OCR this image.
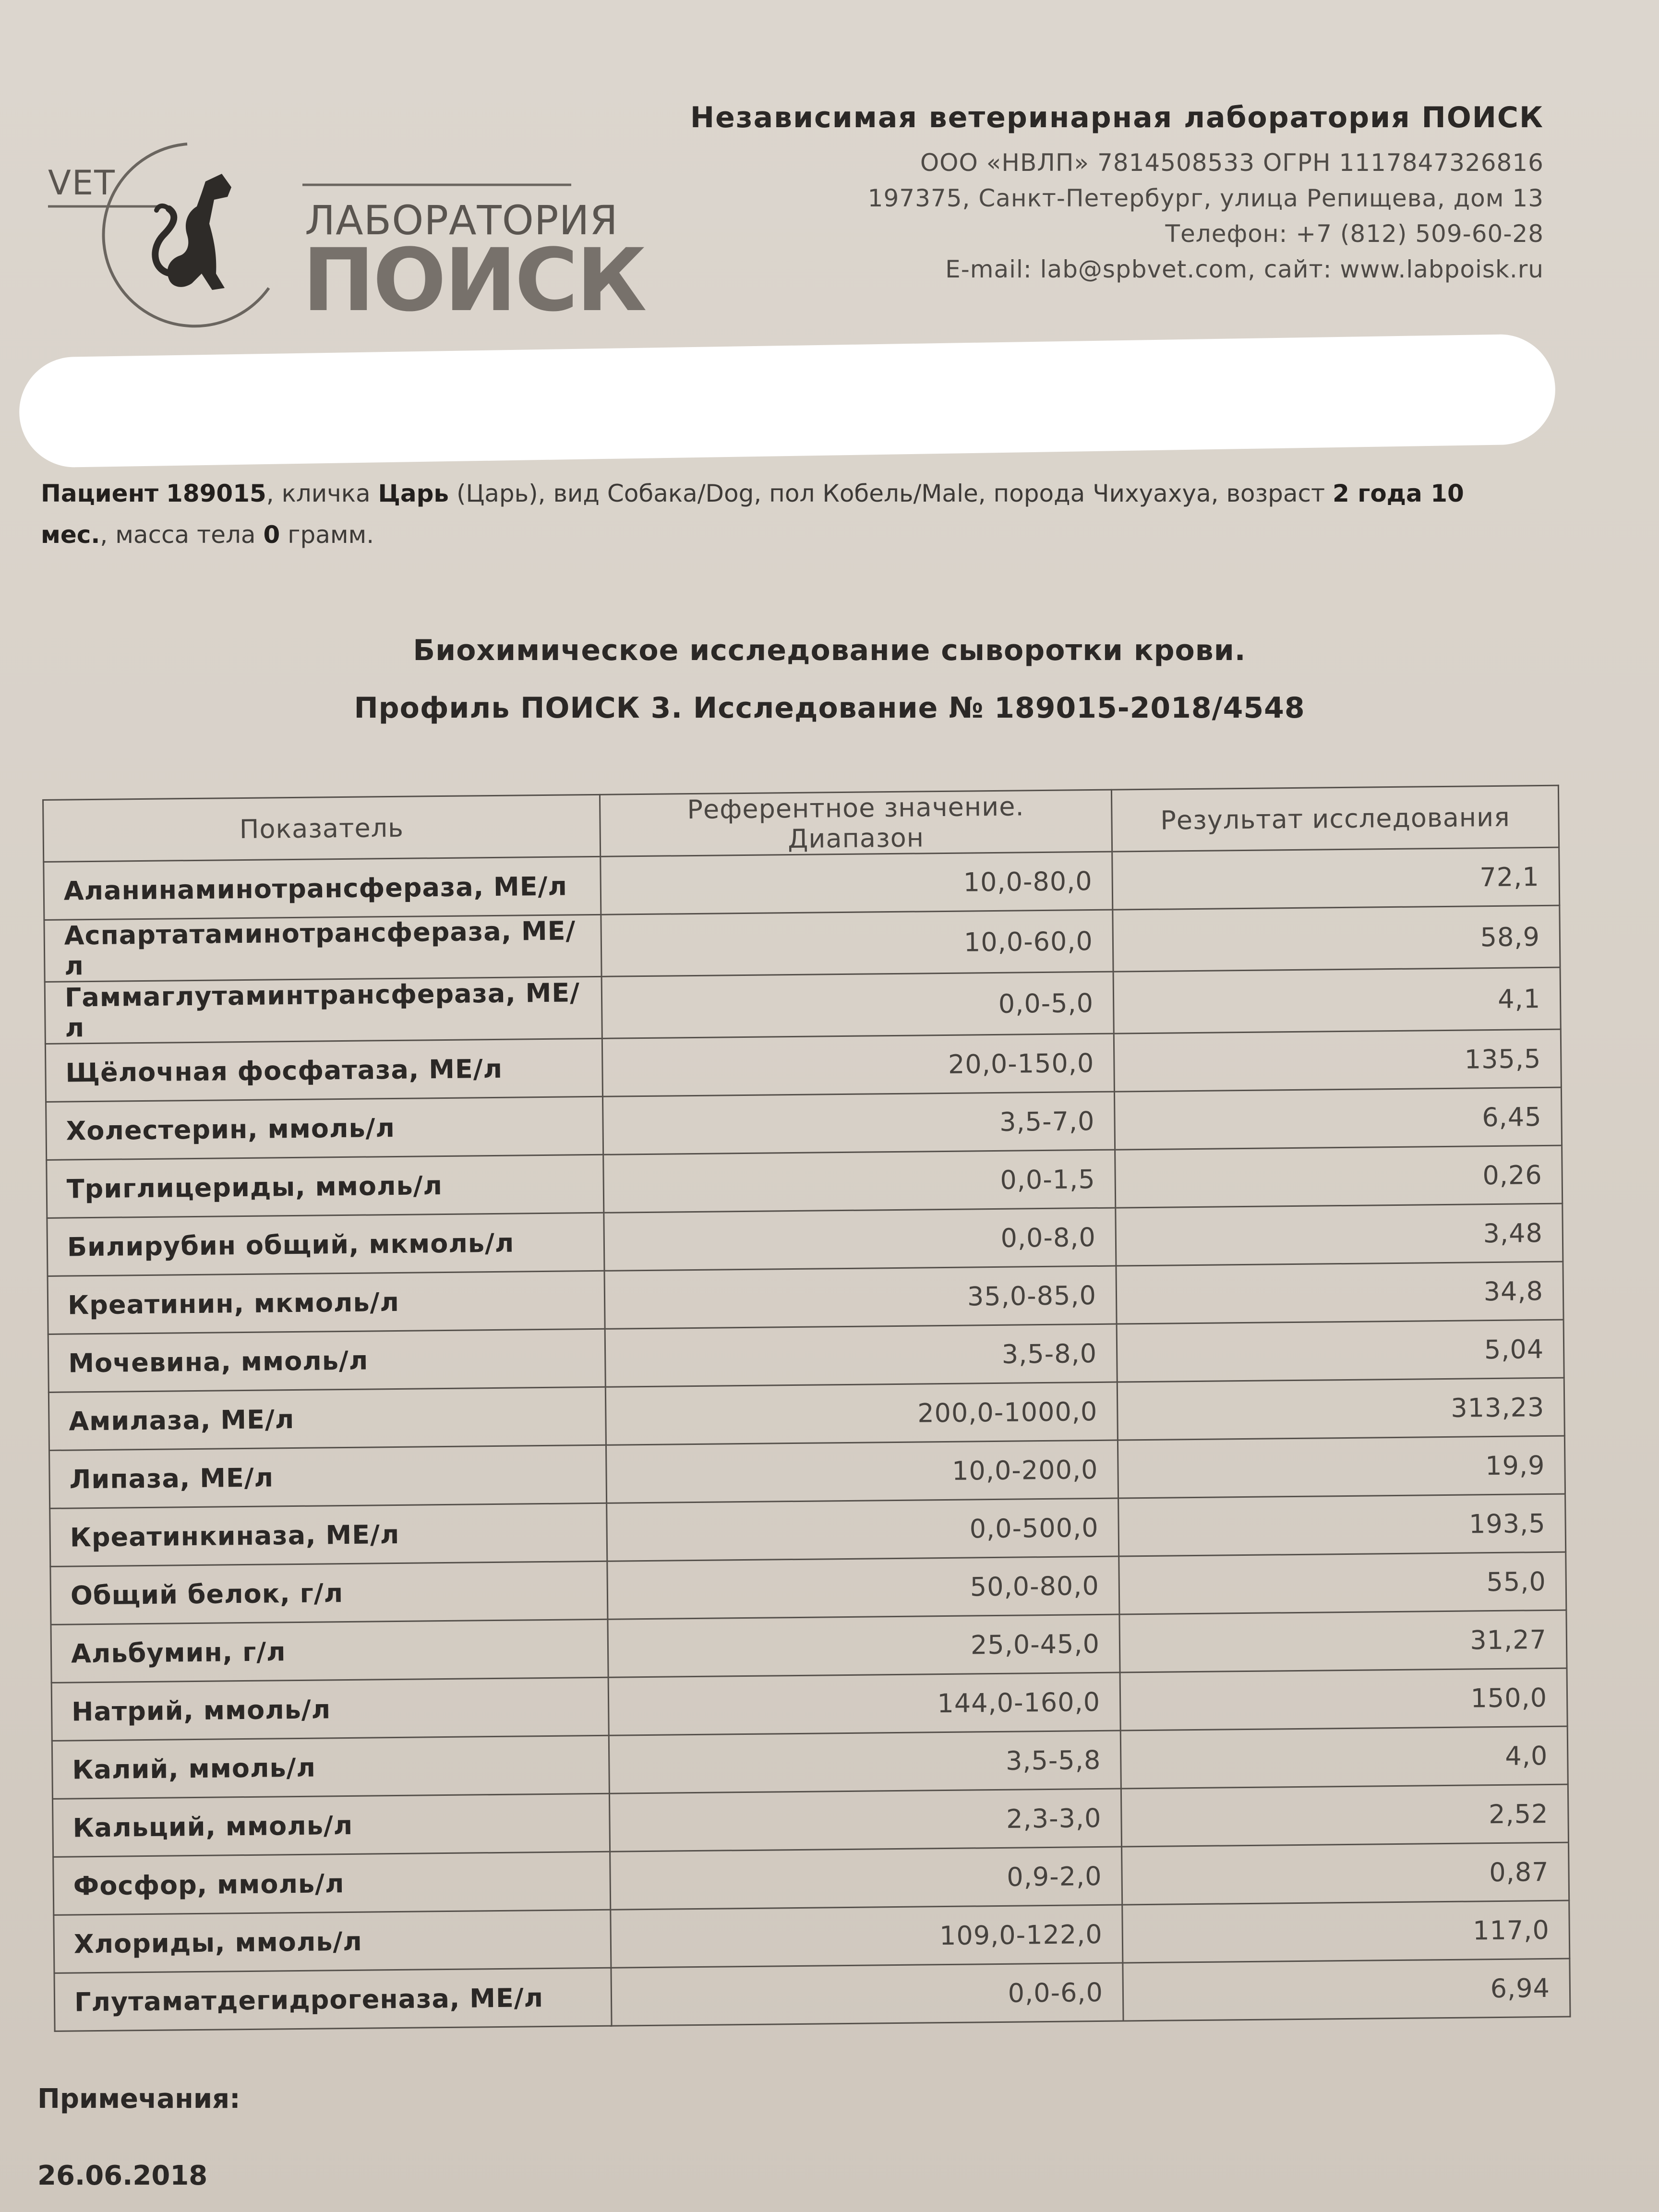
VET
ЛАБОРАТОРИЯ
ПОИСК
Независимая ветеринарная лаборатория ПОИСК
ООО «НВЛП» 7814508533 ОГРН 1117847326816
197375, Санкт-Петербург, улица Репищева, дом 13
Телефон: +7 (812) 509-60-28
E-mail: lab@spbvet.com, сайт: www.labpoisk.ru
Пациент 189015, кличка Царь (Царь), вид Собака/Dog, пол Кобель/Male, порода Чихуахуа, возраст 2 года 10 мес., масса тела 0 грамм.
Биохимическое исследование сыворотки крови.
Профиль ПОИСК 3. Исследование № 189015-2018/4548
Показатель	Референтное значение. Диапазон	Результат исследования
Аланинаминотрансфераза, МЕ/л	10,0-80,0	72,1
Аспартатаминотрансфераза, МЕ/л	10,0-60,0	58,9
Гаммаглутаминтрансфераза, МЕ/л	0,0-5,0	4,1
Щёлочная фосфатаза, МЕ/л	20,0-150,0	135,5
Холестерин, ммоль/л	3,5-7,0	6,45
Триглицериды, ммоль/л	0,0-1,5	0,26
Билирубин общий, мкмоль/л	0,0-8,0	3,48
Креатинин, мкмоль/л	35,0-85,0	34,8
Мочевина, ммоль/л	3,5-8,0	5,04
Амилаза, МЕ/л	200,0-1000,0	313,23
Липаза, МЕ/л	10,0-200,0	19,9
Креатинкиназа, МЕ/л	0,0-500,0	193,5
Общий белок, г/л	50,0-80,0	55,0
Альбумин, г/л	25,0-45,0	31,27
Натрий, ммоль/л	144,0-160,0	150,0
Калий, ммоль/л	3,5-5,8	4,0
Кальций, ммоль/л	2,3-3,0	2,52
Фосфор, ммоль/л	0,9-2,0	0,87
Хлориды, ммоль/л	109,0-122,0	117,0
Глутаматдегидрогеназа, МЕ/л	0,0-6,0	6,94
Примечания:
26.06.2018
